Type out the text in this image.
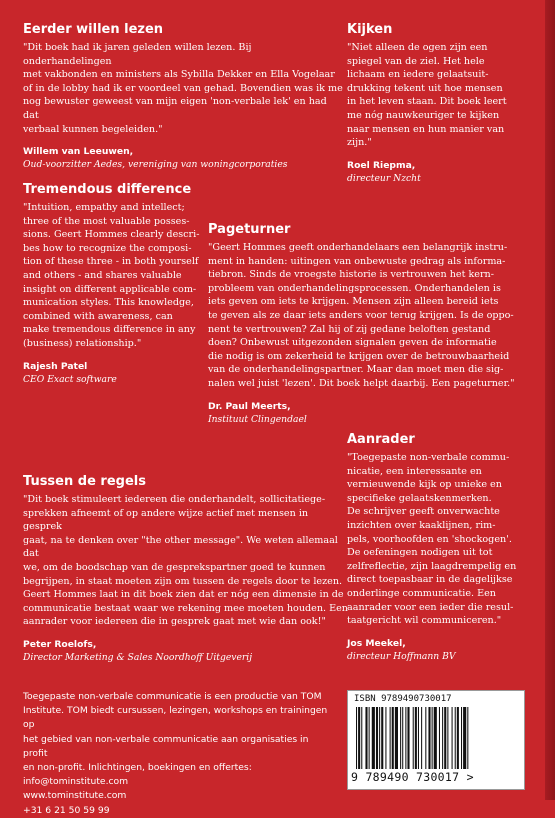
Eerder willen lezen

"Dit boek had ik jaren geleden willen lezen. Bij onderhandelingen
met vakbonden en ministers als Sybilla Dekker en Ella Vogelaar
of in de lobby had ik er voordeel van gehad. Bovendien was ik me
nog bewuster geweest van mijn eigen 'non-verbale lek' en had dat
verbaal kunnen begeleiden."

Willem van Leeuwen,

Oud-voorzitter Aedes, vereniging van woningcorporaties

Kijken

"Niet alleen de ogen zijn een
spiegel van de ziel. Het hele
lichaam en iedere gelaatsuit-
drukking tekent uit hoe mensen
in het leven staan. Dit boek leert
me nóg nauwkeuriger te kijken
naar mensen en hun manier van
zijn."

Roel Riepma,

directeur Nzcht

Tremendous difference

"Intuition, empathy and intellect;
three of the most valuable posses-
sions. Geert Hommes clearly descri-
bes how to recognize the composi-
tion of these three - in both yourself
and others - and shares valuable
insight on different applicable com-
munication styles. This knowledge,
combined with awareness, can
make tremendous difference in any
(business) relationship."

Rajesh Patel

CEO Exact software

Pageturner

"Geert Hommes geeft onderhandelaars een belangrijk instru-
ment in handen: uitingen van onbewuste gedrag als informa-
tiebron. Sinds de vroegste historie is vertrouwen het kern-
probleem van onderhandelingsprocessen. Onderhandelen is
iets geven om iets te krijgen. Mensen zijn alleen bereid iets
te geven als ze daar iets anders voor terug krijgen. Is de oppo-
nent te vertrouwen? Zal hij of zij gedane beloften gestand
doen? Onbewust uitgezonden signalen geven de informatie
die nodig is om zekerheid te krijgen over de betrouwbaarheid
van de onderhandelingspartner. Maar dan moet men die sig-
nalen wel juist 'lezen'. Dit boek helpt daarbij. Een pageturner."

Dr. Paul Meerts,

Instituut Clingendael

Aanrader

"Toegepaste non-verbale commu-
nicatie, een interessante en
vernieuwende kijk op unieke en
specifieke gelaatskenmerken.
De schrijver geeft onverwachte
inzichten over kaaklijnen, rim-
pels, voorhoofden en 'shockogen'.
De oefeningen nodigen uit tot
zelfreflectie, zijn laagdrempelig en
direct toepasbaar in de dagelijkse
onderlinge communicatie. Een
aanrader voor een ieder die resul-
taatgericht wil communiceren."

Jos Meekel,

directeur Hoffmann BV

Tussen de regels

"Dit boek stimuleert iedereen die onderhandelt, sollicitatiege-
sprekken afneemt of op andere wijze actief met mensen in gesprek
gaat, na te denken over "the other message". We weten allemaal dat
we, om de boodschap van de gesprekspartner goed te kunnen
begrijpen, in staat moeten zijn om tussen de regels door te lezen.
Geert Hommes laat in dit boek zien dat er nóg een dimensie in de
communicatie bestaat waar we rekening mee moeten houden. Een
aanrader voor iedereen die in gesprek gaat met wie dan ook!"

Peter Roelofs,

Director Marketing & Sales Noordhoff Uitgeverij

Toegepaste non-verbale communicatie is een productie van TOM
Institute. TOM biedt cursussen, lezingen, workshops en trainingen op
het gebied van non-verbale communicatie aan organisaties in profit
en non-profit. Inlichtingen, boekingen en offertes:
info@tominstitute.com
www.tominstitute.com
+31 6 21 50 59 99
ISBN 9789490730017
9 789490 730017 >
